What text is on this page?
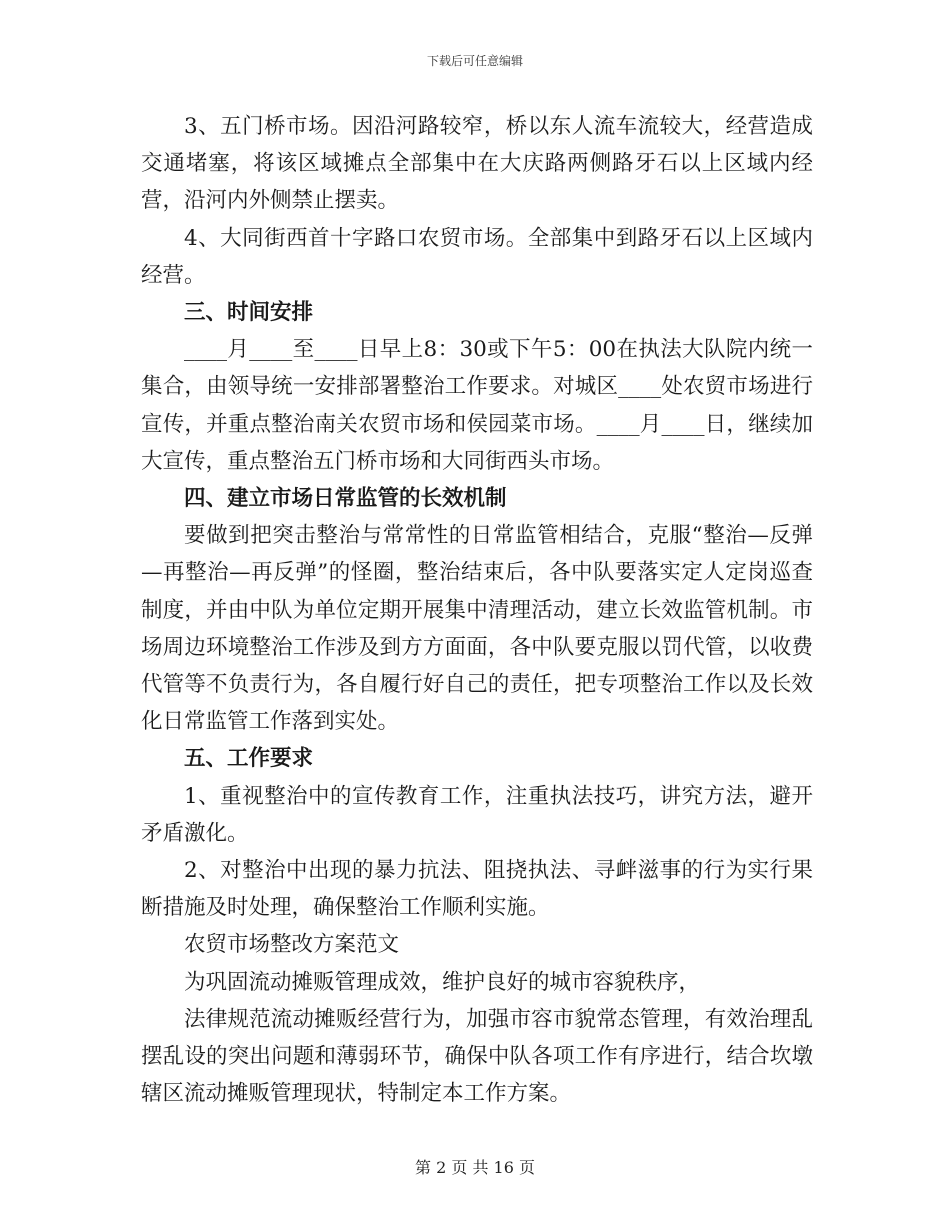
下载后可任意编辑

3、五门桥市场。因沿河路较窄，桥以东人流车流较大，经营造成交通堵塞，将该区域摊点全部集中在大庆路两侧路牙石以上区域内经营，沿河内外侧禁止摆卖。

4、大同街西首十字路口农贸市场。全部集中到路牙石以上区域内经营。

三、时间安排

____月____至____日早上8：30或下午5：00在执法大队院内统一集合，由领导统一安排部署整治工作要求。对城区____处农贸市场进行宣传，并重点整治南关农贸市场和侯园菜市场。____月____日，继续加大宣传，重点整治五门桥市场和大同街西头市场。

四、建立市场日常监管的长效机制

要做到把突击整治与常常性的日常监管相结合，克服“整治—反弹—再整治—再反弹”的怪圈，整治结束后，各中队要落实定人定岗巡查制度，并由中队为单位定期开展集中清理活动，建立长效监管机制。市场周边环境整治工作涉及到方方面面，各中队要克服以罚代管，以收费代管等不负责行为，各自履行好自己的责任，把专项整治工作以及长效化日常监管工作落到实处。

五、工作要求

1、重视整治中的宣传教育工作，注重执法技巧，讲究方法，避开矛盾激化。

2、对整治中出现的暴力抗法、阻挠执法、寻衅滋事的行为实行果断措施及时处理，确保整治工作顺利实施。

农贸市场整改方案范文

为巩固流动摊贩管理成效，维护良好的城市容貌秩序，

法律规范流动摊贩经营行为，加强市容市貌常态管理，有效治理乱摆乱设的突出问题和薄弱环节，确保中队各项工作有序进行，结合坎墩辖区流动摊贩管理现状，特制定本工作方案。

第 2 页 共 16 页
